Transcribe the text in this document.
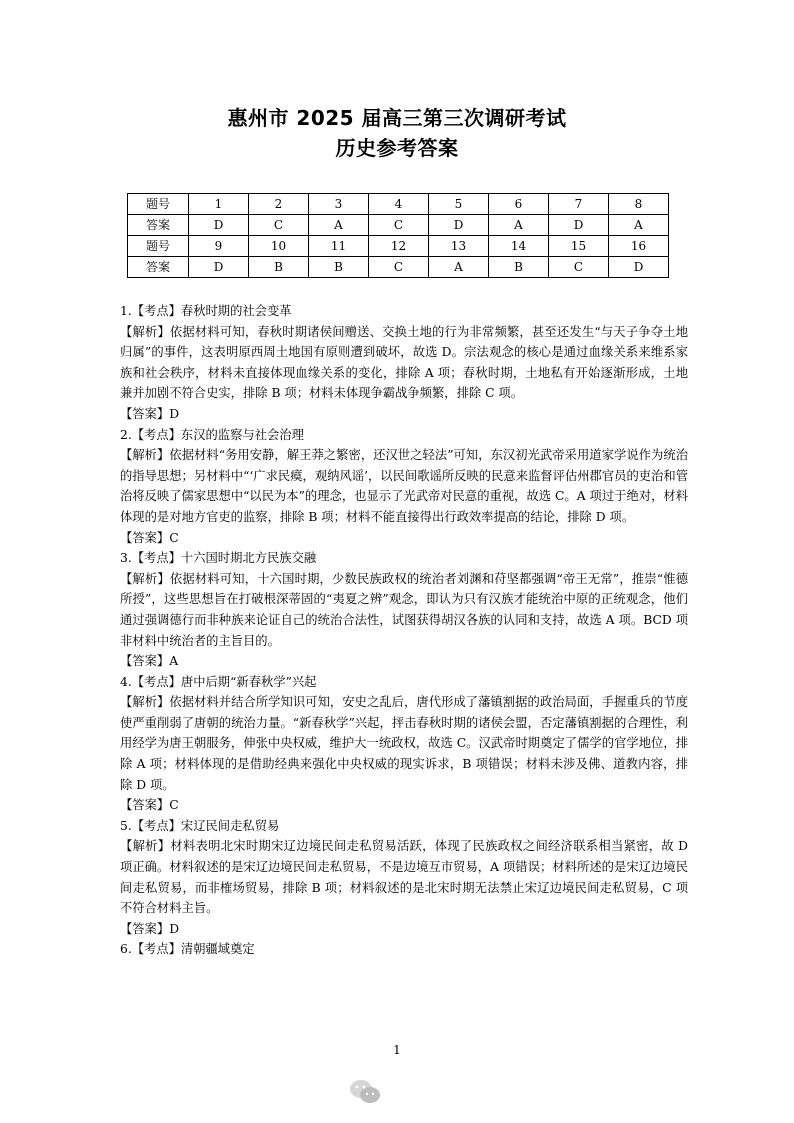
惠州市 2025 届高三第三次调研考试
历史参考答案
题号	1	2	3	4	5	6	7	8
答案	D	C	A	C	D	A	D	A
题号	9	10	11	12	13	14	15	16
答案	D	B	B	C	A	B	C	D

1.【考点】春秋时期的社会变革

【解析】依据材料可知，春秋时期诸侯间赠送、交换土地的行为非常频繁，甚至还发生“与天子争夺土地归属”的事件，这表明原西周土地国有原则遭到破坏，故选 D。宗法观念的核心是通过血缘关系来维系家族和社会秩序，材料未直接体现血缘关系的变化，排除 A 项；春秋时期，土地私有开始逐渐形成，土地兼并加剧不符合史实，排除 B 项；材料未体现争霸战争频繁，排除 C 项。

【答案】D

2.【考点】东汉的监察与社会治理

【解析】依据材料“务用安静，解王莽之繁密，还汉世之轻法”可知，东汉初光武帝采用道家学说作为统治的指导思想；另材料中“‘广求民瘼，观纳风谣’，以民间歌谣所反映的民意来监督评估州郡官员的吏治和管治将反映了儒家思想中“以民为本”的理念，也显示了光武帝对民意的重视，故选 C。A 项过于绝对，材料体现的是对地方官吏的监察，排除 B 项；材料不能直接得出行政效率提高的结论，排除 D 项。

【答案】C

3.【考点】十六国时期北方民族交融

【解析】依据材料可知，十六国时期，少数民族政权的统治者刘渊和苻坚都强调“帝王无常”，推崇“惟德所授”，这些思想旨在打破根深蒂固的“夷夏之辨”观念，即认为只有汉族才能统治中原的正统观念，他们通过强调德行而非种族来论证自己的统治合法性，试图获得胡汉各族的认同和支持，故选 A 项。BCD 项非材料中统治者的主旨目的。

【答案】A

4.【考点】唐中后期“新春秋学”兴起

【解析】依据材料并结合所学知识可知，安史之乱后，唐代形成了藩镇割据的政治局面，手握重兵的节度使严重削弱了唐朝的统治力量。“新春秋学”兴起，抨击春秋时期的诸侯会盟，否定藩镇割据的合理性，利用经学为唐王朝服务，伸张中央权威，维护大一统政权，故选 C。汉武帝时期奠定了儒学的官学地位，排除 A 项；材料体现的是借助经典来强化中央权威的现实诉求，B 项错误；材料未涉及佛、道教内容，排除 D 项。

【答案】C

5.【考点】宋辽民间走私贸易

【解析】材料表明北宋时期宋辽边境民间走私贸易活跃，体现了民族政权之间经济联系相当紧密，故 D 项正确。材料叙述的是宋辽边境民间走私贸易，不是边境互市贸易，A 项错误；材料所述的是宋辽边境民间走私贸易，而非榷场贸易，排除 B 项；材料叙述的是北宋时期无法禁止宋辽边境民间走私贸易，C 项不符合材料主旨。

【答案】D

6.【考点】清朝疆域奠定

1
